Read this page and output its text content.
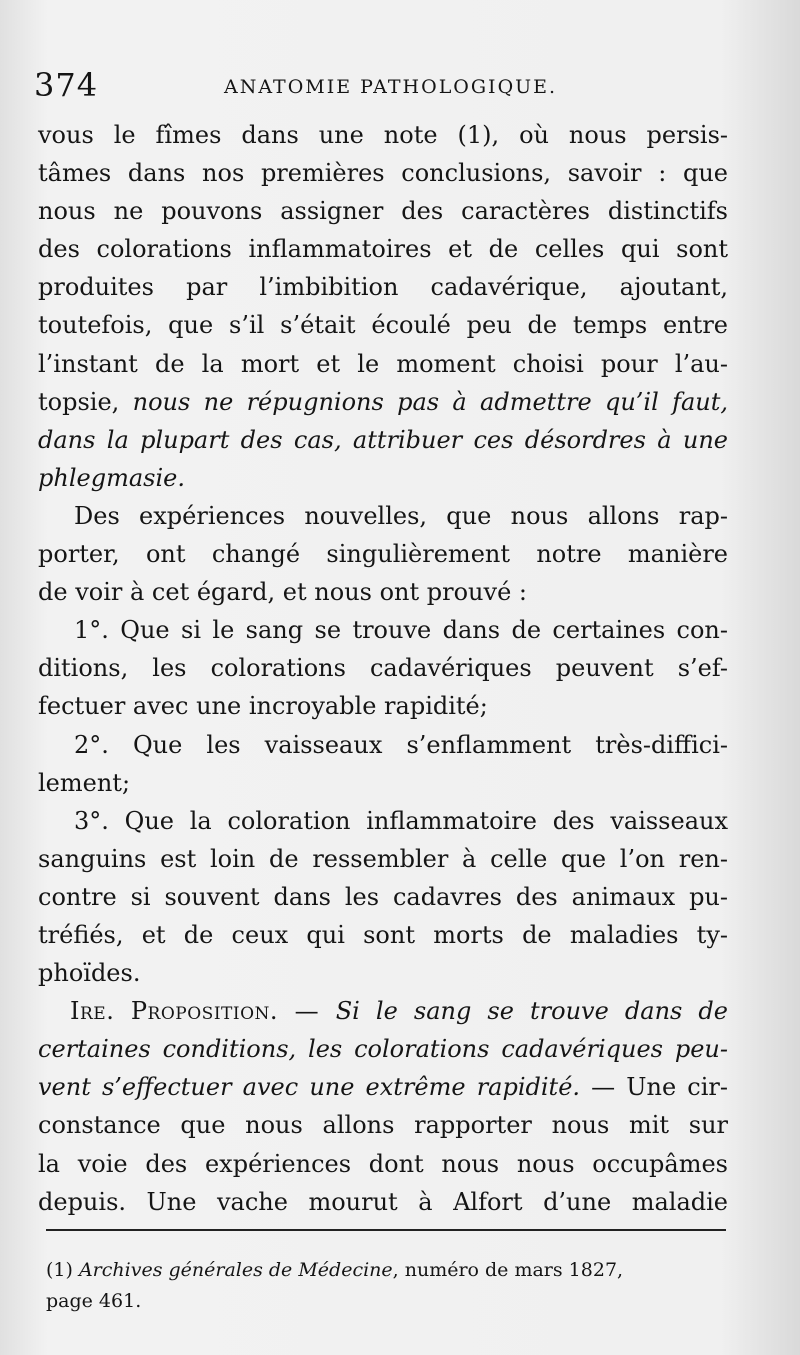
374	ANATOMIE PATHOLOGIQUE.
vous le fîmes dans une note (1), où nous persis-
tâmes dans nos premières conclusions, savoir : que
nous ne pouvons assigner des caractères distinctifs
des colorations inflammatoires et de celles qui sont
produites par l’imbibition cadavérique, ajoutant,
toutefois, que s’il s’était écoulé peu de temps entre
l’instant de la mort et le moment choisi pour l’au-
topsie, nous ne répugnions pas à admettre qu’il faut,
dans la plupart des cas, attribuer ces désordres à une
phlegmasie.
Des expériences nouvelles, que nous allons rap-
porter, ont changé singulièrement notre manière
de voir à cet égard, et nous ont prouvé :
1°. Que si le sang se trouve dans de certaines con-
ditions, les colorations cadavériques peuvent s’ef-
fectuer avec une incroyable rapidité;
2°. Que les vaisseaux s’enflamment très-diffici-
lement;
3°. Que la coloration inflammatoire des vaisseaux
sanguins est loin de ressembler à celle que l’on ren-
contre si souvent dans les cadavres des animaux pu-
tréfiés, et de ceux qui sont morts de maladies ty-
phoïdes.
Ire. Proposition. — Si le sang se trouve dans de
certaines conditions, les colorations cadavériques peu-
vent s’effectuer avec une extrême rapidité. — Une cir-
constance que nous allons rapporter nous mit sur
la voie des expériences dont nous nous occupâmes
depuis. Une vache mourut à Alfort d’une maladie
(1) Archives générales de Médecine, numéro de mars 1827,
page 461.
